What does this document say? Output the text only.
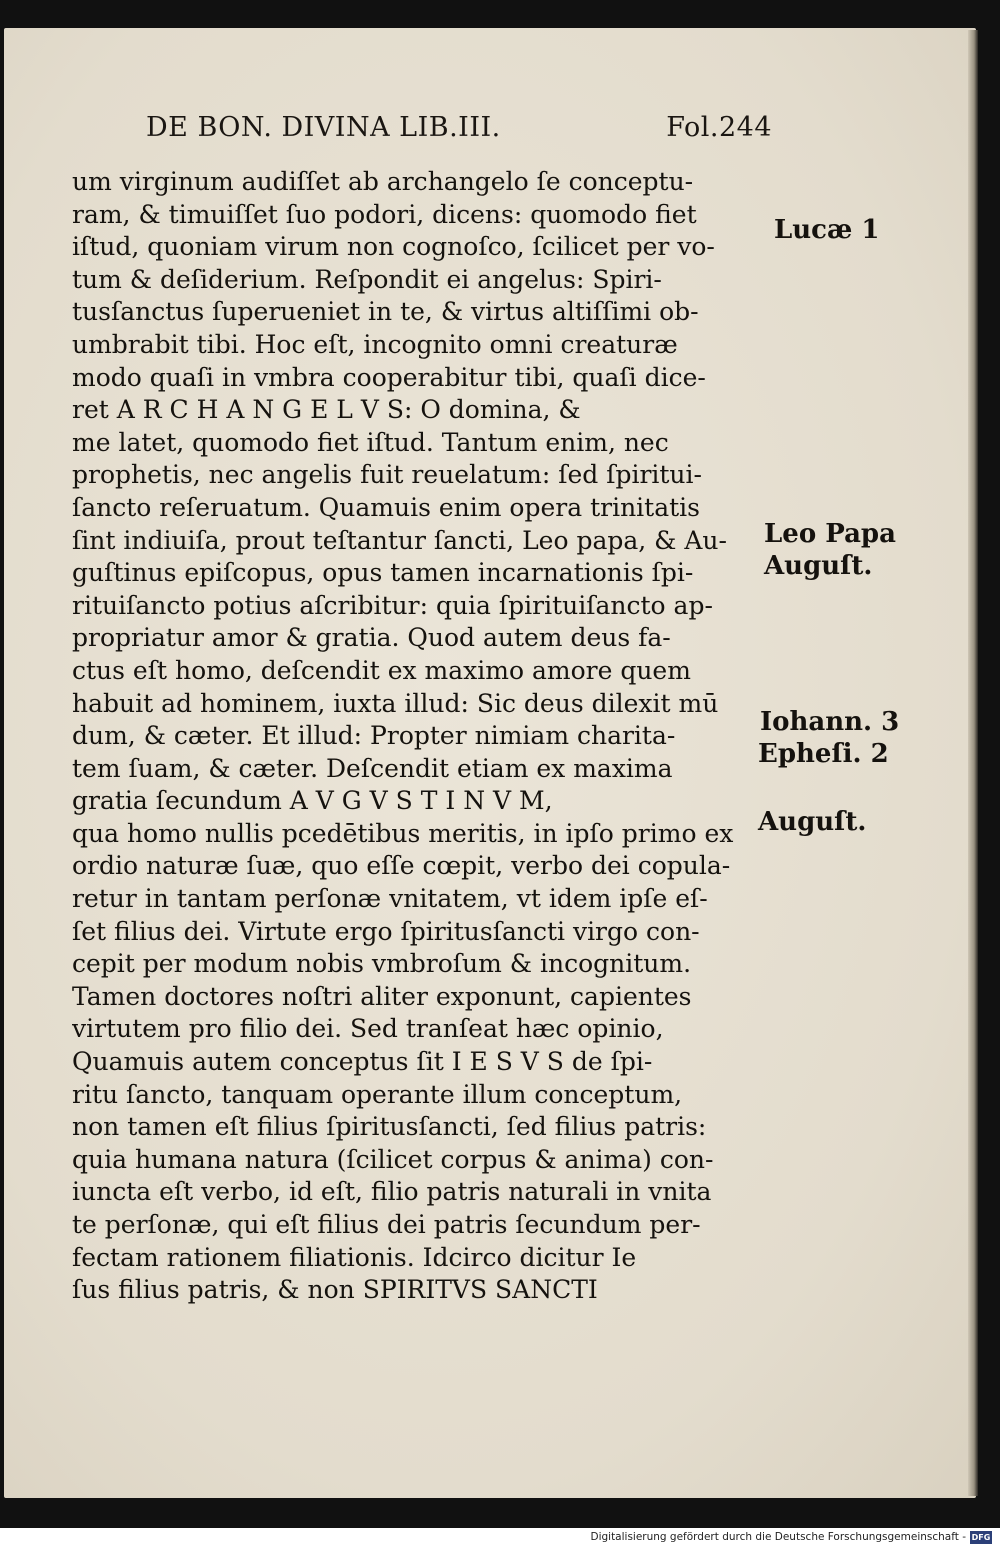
DE BON. DIVINA LIB.III.	Fol.244
um virginum audiſſet ab archangelo ſe conceptu-
ram, & timuiſſet ſuo podori, dicens: quomodo fiet
iſtud, quoniam virum non cognoſco, ſcilicet per vo-
tum & deſiderium. Reſpondit ei angelus: Spiri-
tusſanctus ſuperueniet in te, & virtus altiſſimi ob-
umbrabit tibi. Hoc eſt, incognito omni creaturæ
modo quaſi in vmbra cooperabitur tibi, quaſi dice-
ret A R C H A N G E L V S: O domina, &
me latet, quomodo fiet iſtud. Tantum enim, nec
prophetis, nec angelis fuit reuelatum: ſed ſpiritui-
ſancto reſeruatum. Quamuis enim opera trinitatis
ſint indiuiſa, prout teſtantur ſancti, Leo papa, & Au-
guſtinus epiſcopus, opus tamen incarnationis ſpi-
rituiſancto potius aſcribitur: quia ſpirituiſancto ap-
propriatur amor & gratia. Quod autem deus fa-
ctus eſt homo, deſcendit ex maximo amore quem
habuit ad hominem, iuxta illud: Sic deus dilexit mū
dum, & cæter. Et illud: Propter nimiam charita-
tem ſuam, & cæter. Deſcendit etiam ex maxima
gratia ſecundum A V G V S T I N V M,
qua homo nullis pcedētibus meritis, in ipſo primo ex
ordio naturæ ſuæ, quo eſſe cœpit, verbo dei copula-
retur in tantam perſonæ vnitatem, vt idem ipſe eſ-
ſet filius dei. Virtute ergo ſpiritusſancti virgo con-
cepit per modum nobis vmbroſum & incognitum.
Tamen doctores noſtri aliter exponunt, capientes
virtutem pro filio dei. Sed tranſeat hæc opinio,
Quamuis autem conceptus ſit I E S V S de ſpi-
ritu ſancto, tanquam operante illum conceptum,
non tamen eſt filius ſpiritusſancti, ſed filius patris:
quia humana natura (ſcilicet corpus & anima) con-
iuncta eſt verbo, id eſt, filio patris naturali in vnita
te perſonæ, qui eſt filius dei patris ſecundum per-
fectam rationem filiationis. Idcirco dicitur Ie
ſus filius patris, & non SPIRITVS SANCTI
Lucæ 1
Leo Papa
Auguſt.
Iohann. 3
Epheſi. 2
Auguſt.
Digitalisierung gefördert durch die Deutsche Forschungsgemeinschaft - DFG
